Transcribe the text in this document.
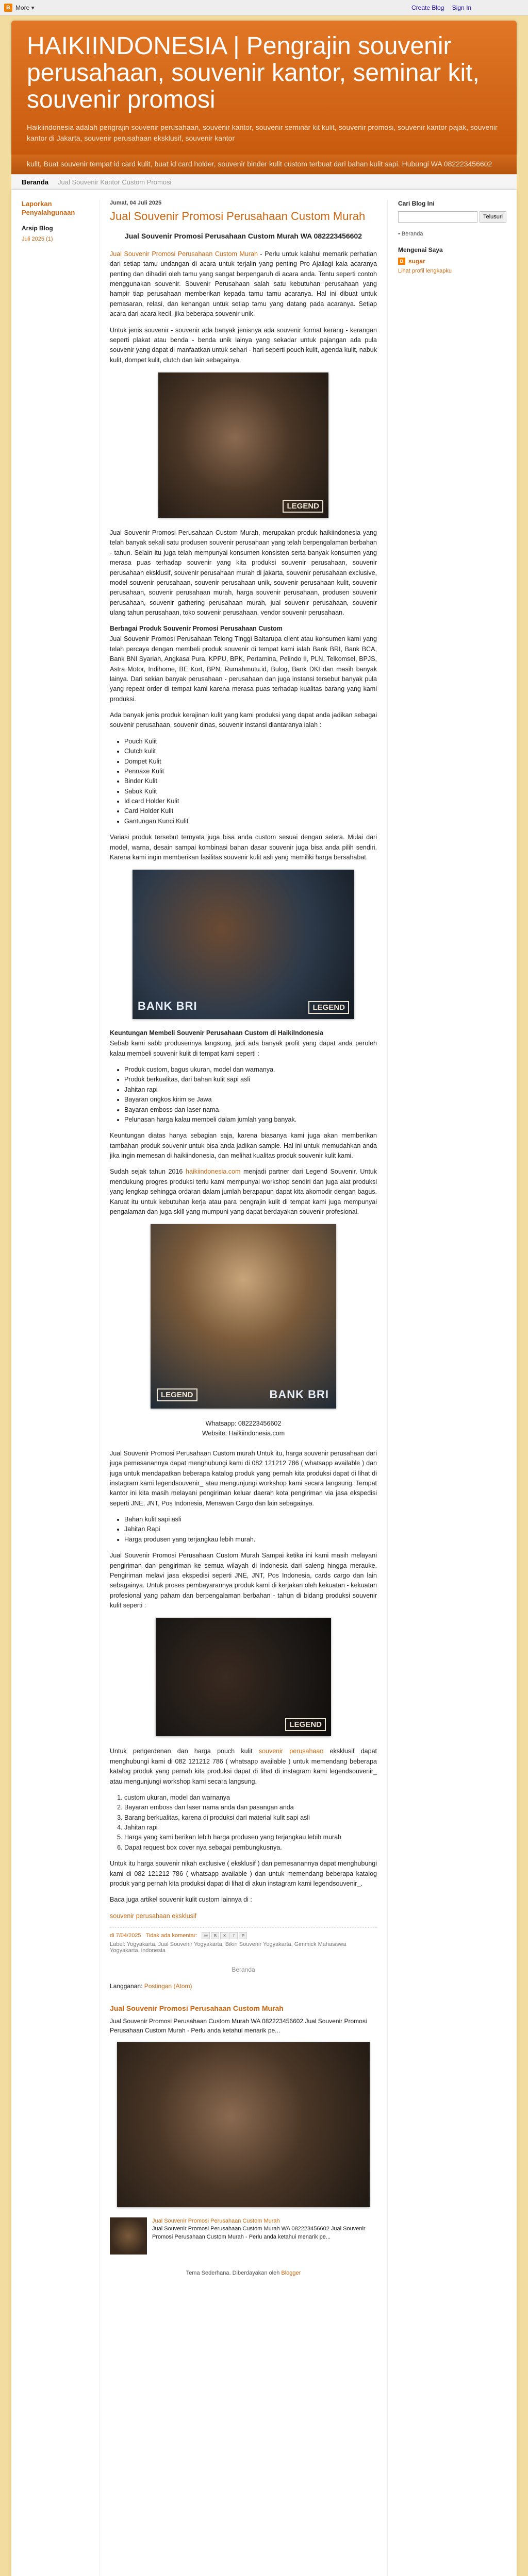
B More ▾	Create Blog Sign In
HAIKIINDONESIA | Pengrajin souvenir perusahaan, souvenir kantor, seminar kit, souvenir promosi
Haikiindonesia adalah pengrajin souvenir perusahaan, souvenir kantor, souvenir seminar kit kulit, souvenir promosi, souvenir kantor pajak, souvenir kantor di Jakarta, souvenir perusahaan eksklusif, souvenir kantor
kulit, Buat souvenir tempat id card kulit, buat id card holder, souvenir binder kulit custom terbuat dari bahan kulit sapi. Hubungi WA 082223456602
Beranda Jual Souvenir Kantor Custom Promosi
Laporkan Penyalahgunaan
Arsip Blog
Juli 2025 (1)
Jumat, 04 Juli 2025
Jual Souvenir Promosi Perusahaan Custom Murah
Jual Souvenir Promosi Perusahaan Custom Murah WA 082223456602

Jual Souvenir Promosi Perusahaan Custom Murah - Perlu untuk kalahui memarik perhatian dari setiap tamu undangan di acara untuk terjalin yang penting Pro Ajailagi kala acaranya penting dan dihadiri oleh tamu yang sangat berpengaruh di acara anda. Tentu seperti contoh menggunakan souvenir. Souvenir Perusahaan salah satu kebutuhan perusahaan yang hampir tiap perusahaan memberikan kepada tamu tamu acaranya. Hal ini dibuat untuk pemasaran, relasi, dan kenangan untuk setiap tamu yang datang pada acaranya. Setiap acara dari acara kecil, jika beberapa souvenir unik.

Untuk jenis souvenir - souvenir ada banyak jenisnya ada souvenir format kerang - kerangan seperti plakat atau benda - benda unik lainya yang sekadar untuk pajangan ada pula souvenir yang dapat di manfaatkan untuk sehari - hari seperti pouch kulit, agenda kulit, nabuk kulit, dompet kulit, clutch dan lain sebagainya.

LEGEND

Jual Souvenir Promosi Perusahaan Custom Murah, merupakan produk haikiindonesia yang telah banyak sekali satu produsen souvenir perusahaan yang telah berpengalaman berbahan - tahun. Selain itu juga telah mempunyai konsumen konsisten serta banyak konsumen yang merasa puas terhadap souvenir yang kita produksi souvenir perusahaan, souvenir perusahaan eksklusif, souvenir perusahaan murah di jakarta, souvenir perusahaan exclusive, model souvenir perusahaan, souvenir perusahaan unik, souvenir perusahaan kulit, souvenir perusahaan, souvenir perusahaan murah, harga souvenir perusahaan, produsen souvenir perusahaan, souvenir gathering perusahaan murah, jual souvenir perusahaan, souvenir ulang tahun perusahaan, toko souvenir perusahaan, vendor souvenir perusahaan.

Berbagai Produk Souvenir Promosi Perusahaan Custom

Jual Souvenir Promosi Perusahaan Telong Tinggi Baltarupa client atau konsumen kami yang telah percaya dengan membeli produk souvenir di tempat kami ialah Bank BRI, Bank BCA, Bank BNI Syariah, Angkasa Pura, KPPU, BPK, Pertamina, Pelindo II, PLN, Telkomsel, BPJS, Astra Motor, Indihome, BE Kort, BPN, Rumahmutu.id, Bulog, Bank DKI dan masih banyak lainya. Dari sekian banyak perusahaan - perusahaan dan juga instansi tersebut banyak pula yang repeat order di tempat kami karena merasa puas terhadap kualitas barang yang kami produksi.

Ada banyak jenis produk kerajinan kulit yang kami produksi yang dapat anda jadikan sebagai souvenir perusahaan, souvenir dinas, souvenir instansi diantaranya ialah :

• Pouch Kulit
• Clutch kulit
• Dompet Kulit
• Pennaxe Kulit
• Binder Kulit
• Sabuk Kulit
• Id card Holder Kulit
• Card Holder Kulit
• Gantungan Kunci Kulit

Variasi produk tersebut ternyata juga bisa anda custom sesuai dengan selera. Mulai dari model, warna, desain sampai kombinasi bahan dasar souvenir juga bisa anda pilih sendiri. Karena kami ingin memberikan fasilitas souvenir kulit asli yang memiliki harga bersahabat.

BANK BRI	LEGEND
Keuntungan Membeli Souvenir Perusahaan Custom di HaikiIndonesia

Sebab kami sabb produsennya langsung, jadi ada banyak profit yang dapat anda peroleh kalau membeli souvenir kulit di tempat kami seperti :

• Produk custom, bagus ukuran, model dan warnanya.
• Produk berkualitas, dari bahan kulit sapi asli
• Jahitan rapi
• Bayaran ongkos kirim se Jawa
• Bayaran emboss dan laser nama
• Pelunasan harga kalau membeli dalam jumlah yang banyak.

Keuntungan diatas hanya sebagian saja, karena biasanya kami juga akan memberikan tambahan produk souvenir untuk bisa anda jadikan sample. Hal ini untuk memudahkan anda jika ingin memesan di haikiindonesia, dan melihat kualitas produk souvenir kulit kami.

Sudah sejak tahun 2016 haikiindonesia.com menjadi partner dari Legend Souvenir. Untuk mendukung progres produksi terlu kami mempunyai workshop sendiri dan juga alat produksi yang lengkap sehingga ordaran dalam jumlah berapapun dapat kita akomodir dengan bagus. Karuat itu untuk kebutuhan kerja atau para pengrajin kulit di tempat kami juga mempunyai pengalaman dan juga skill yang mumpuni yang dapat berdayakan souvenir profesional.

BANK BRI
LEGEND
Whatsapp: 082223456602
Website: Haikiindonesia.com

Jual Souvenir Promosi Perusahaan Custom murah Untuk itu, harga souvenir perusahaan dari juga pemesanannya dapat menghubungi kami di 082 121212 786 ( whatsapp available ) dan juga untuk mendapatkan beberapa katalog produk yang pernah kita produksi dapat di lihat di instagram kami legendsouvenir_ atau mengunjungi workshop kami secara langsung. Tempat kantor ini kita masih melayani pengiriman keluar daerah kota pengiriman via jasa ekspedisi seperti JNE, JNT, Pos Indonesia, Menawan Cargo dan lain sebagainya.

• Bahan kulit sapi asli
• Jahitan Rapi
• Harga produsen yang terjangkau lebih murah.

Jual Souvenir Promosi Perusahaan Custom Murah Sampai ketika ini kami masih melayani pengiriman dan pengiriman ke semua wilayah di indonesia dari saleng hingga merauke. Pengiriman melavi jasa ekspedisi seperti JNE, JNT, Pos Indonesia, cards cargo dan lain sebagainya. Untuk proses pembayarannya produk kami di kerjakan oleh kekuatan - kekuatan profesional yang paham dan berpengalaman berbahan - tahun di bidang produksi souvenir kulit seperti :

LEGEND

Untuk pengerdenan dan harga pouch kulit souvenir perusahaan eksklusif dapat menghubungi kami di 082 121212 786 ( whatsapp available ) untuk memendang beberapa katalog produk yang pernah kita produksi dapat di lihat di instagram kami legendsouvenir_ atau mengunjungi workshop kami secara langsung.

1. custom ukuran, model dan warnanya
2. Bayaran emboss dan laser nama anda dan pasangan anda
3. Barang berkualitas, karena di produksi dari material kulit sapi asli
4. Jahitan rapi
5. Harga yang kami berikan lebih harga produsen yang terjangkau lebih murah
6. Dapat request box cover nya sebagai pembungkusnya.

Untuk itu harga souvenir nikah exclusive ( eksklusif ) dan pemesanannya dapat menghubungi kami di 082 121212 786 ( whatsapp available ) dan untuk memendang beberapa katalog produk yang pernah kita produksi dapat di lihat di akun instagram kami legendsouvenir_.

Baca juga artikel souvenir kulit custom lainnya di :

souvenir perusahaan eksklusif

di 7/04/2025 Tidak ada komentar:	✉	B	X	f	P
Label: Yogyakarta, Jual Souvenir Yogyakarta, Bikin Souvenir Yogyakarta, Gimmick Mahasiswa Yogyakarta, indonesia
Beranda
Langganan: Postingan (Atom)
Jual Souvenir Promosi Perusahaan Custom Murah
Jual Souvenir Promosi Perusahaan Custom Murah WA 082223456602 Jual Souvenir Promosi Perusahaan Custom Murah - Perlu anda ketahui menarik pe...
Jual Souvenir Promosi Perusahaan Custom Murah
Jual Souvenir Promosi Perusahaan Custom Murah WA 082223456602 Jual Souvenir Promosi Perusahaan Custom Murah - Perlu anda ketahui menarik pe...
Tema Sederhana. Diberdayakan oleh Blogger
Cari Blog Ini
Telusuri
• Beranda
Mengenai Saya
B sugar
Lihat profil lengkapku
